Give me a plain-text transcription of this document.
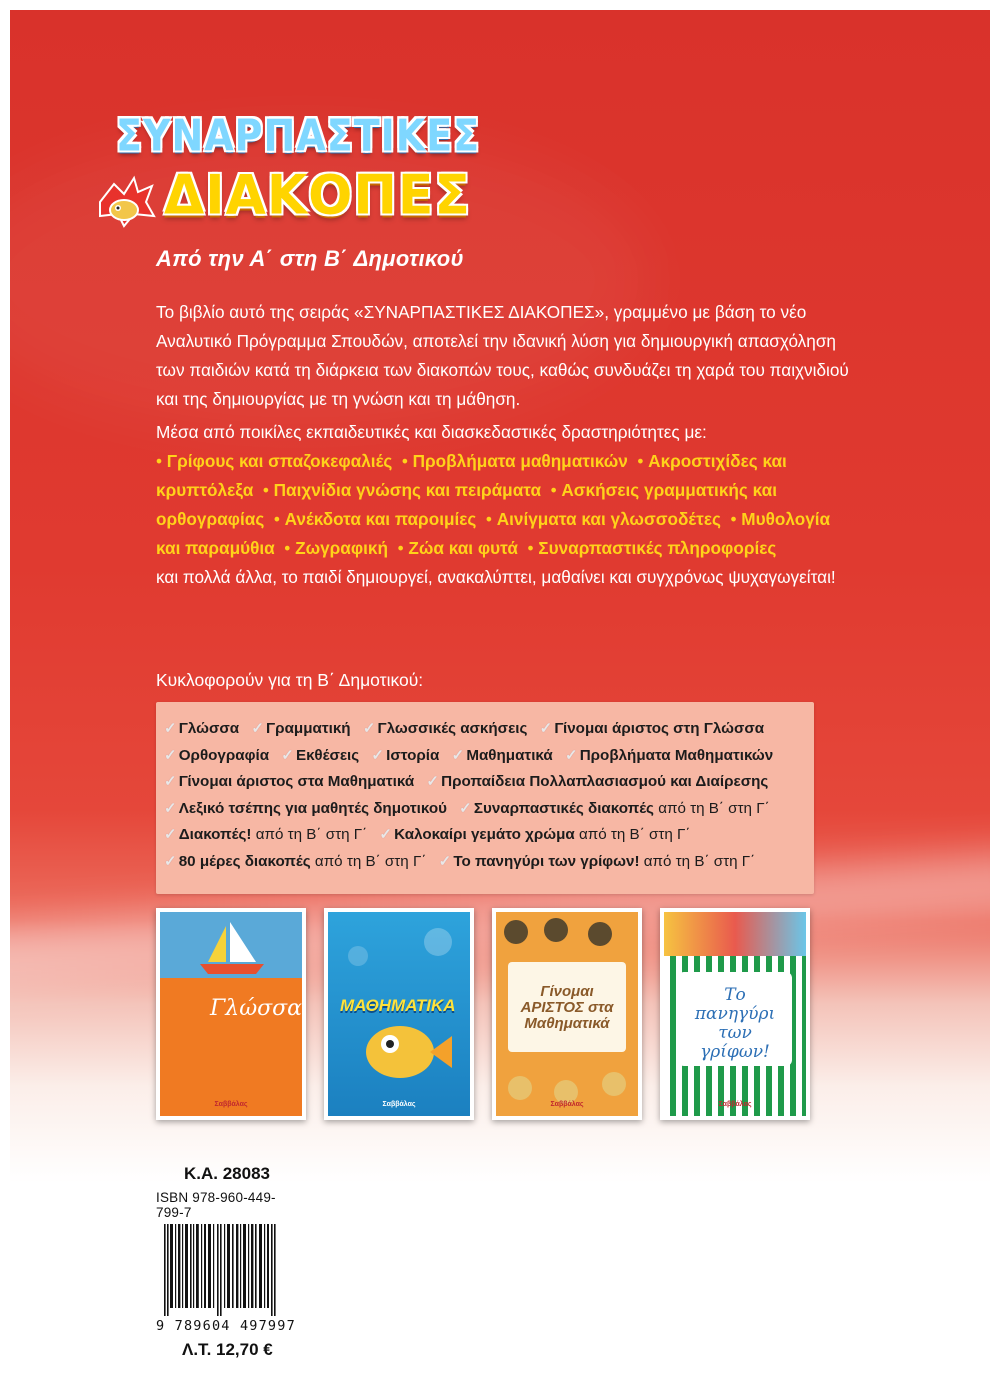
ΣΥΝΑΡΠΑΣΤΙΚΕΣ
ΔΙΑΚΟΠΕΣ
Από την Α΄ στη Β΄ Δημοτικού

Το βιβλίο αυτό της σειράς «ΣΥΝΑΡΠΑΣΤΙΚΕΣ ΔΙΑΚΟΠΕΣ», γραμμένο με βάση το νέο Αναλυτικό Πρόγραμμα Σπουδών, αποτελεί την ιδανική λύση για δημιουργική απασχόληση των παιδιών κατά τη διάρκεια των διακοπών τους, καθώς συνδυάζει τη χαρά του παιχνιδιού και της δημιουργίας με τη γνώση και τη μάθηση.

Μέσα από ποικίλες εκπαιδευτικές και διασκεδαστικές δραστηριότητες με:
• Γρίφους και σπαζοκεφαλιές  • Προβλήματα μαθηματικών  • Ακροστιχίδες και κρυπτόλεξα  • Παιχνίδια γνώσης και πειράματα  • Ασκήσεις γραμματικής και ορθογραφίας  • Ανέκδοτα και παροιμίες  • Αινίγματα και γλωσσοδέτες  • Μυθολογία και παραμύθια  • Ζωγραφική  • Ζώα και φυτά  • Συναρπαστικές πληροφορίες
και πολλά άλλα, το παιδί δημιουργεί, ανακαλύπτει, μαθαίνει και συγχρόνως ψυχαγωγείται!

Κυκλοφορούν για τη Β΄ Δημοτικού:
✓ Γλώσσα ✓ Γραμματική ✓ Γλωσσικές ασκήσεις ✓ Γίνομαι άριστος στη Γλώσσα
✓ Ορθογραφία ✓ Εκθέσεις ✓ Ιστορία ✓ Μαθηματικά ✓ Προβλήματα Μαθηματικών
✓ Γίνομαι άριστος στα Μαθηματικά ✓ Προπαίδεια Πολλαπλασιασμού και Διαίρεσης
✓ Λεξικό τσέπης για μαθητές δημοτικού ✓ Συναρπαστικές διακοπές από τη Β΄ στη Γ΄
✓ Διακοπές! από τη Β΄ στη Γ΄ ✓ Καλοκαίρι γεμάτο χρώμα από τη Β΄ στη Γ΄
✓ 80 μέρες διακοπές από τη Β΄ στη Γ΄ ✓ Το πανηγύρι των γρίφων! από τη Β΄ στη Γ΄
Γλώσσα
Σαββάλας
ΜΑΘΗΜΑΤΙΚΑ
Σαββάλας
Γίνομαι ΑΡΙΣΤΟΣ στα Μαθηματικά
Σαββάλας
Το πανηγύρι των γρίφων!
Σαββάλας
Κ.Α. 28083
ISBN 978-960-449-799-7
9 789604 497997
Λ.Τ. 12,70 €
